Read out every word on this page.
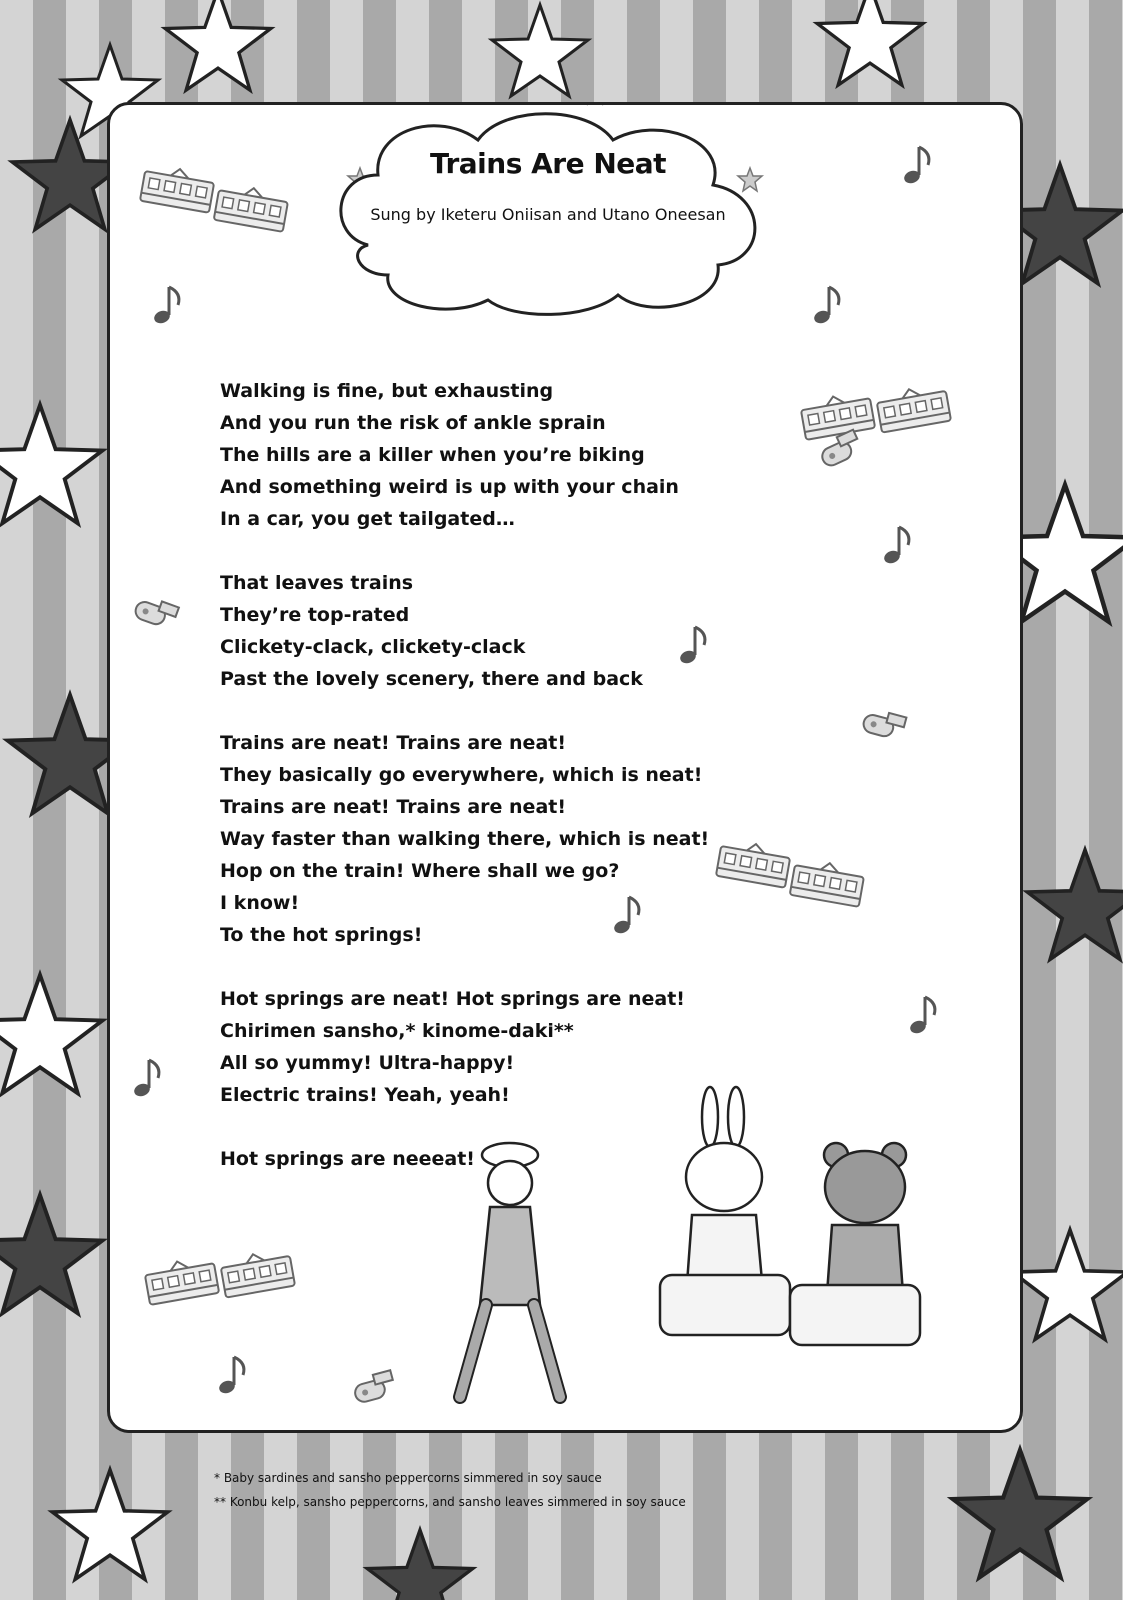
Trains Are Neat
Sung by Iketeru Oniisan and Utano Oneesan
Walking is fine, but exhausting
And you run the risk of ankle sprain
The hills are a killer when you’re biking
And something weird is up with your chain
In a car, you get tailgated…
That leaves trains
They’re top-rated
Clickety-clack, clickety-clack
Past the lovely scenery, there and back
Trains are neat! Trains are neat!
They basically go everywhere, which is neat!
Trains are neat! Trains are neat!
Way faster than walking there, which is neat!
Hop on the train! Where shall we go?
I know!
To the hot springs!
Hot springs are neat! Hot springs are neat!
Chirimen sansho,* kinome-daki**
All so yummy! Ultra-happy!
Electric trains! Yeah, yeah!
Hot springs are neeeat!
* Baby sardines and sansho peppercorns simmered in soy sauce
** Konbu kelp, sansho peppercorns, and sansho leaves simmered in soy sauce
